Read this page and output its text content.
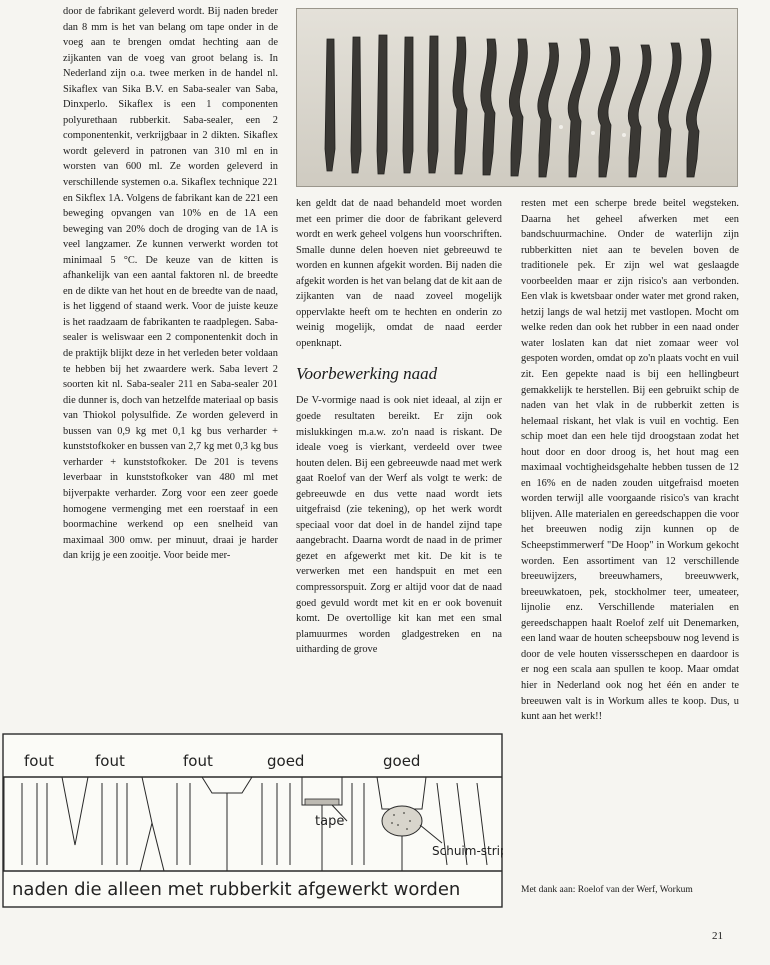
door de fabrikant geleverd wordt. Bij naden breder dan 8 mm is het van belang om tape onder in de voeg aan te brengen omdat hechting aan de zijkanten van de voeg van groot belang is. In Nederland zijn o.a. twee merken in de handel nl. Sikaflex van Sika B.V. en Saba-sealer van Saba, Dinxperlo. Sikaflex is een 1 componenten polyurethaan rubberkit. Saba-sealer, een 2 componentenkit, verkrijgbaar in 2 dikten. Sikaflex wordt geleverd in patronen van 310 ml en in worsten van 600 ml. Ze worden geleverd in verschillende systemen o.a. Sikaflex technique 221 en Sikflex 1A. Volgens de fabrikant kan de 221 een beweging opvangen van 10% en de 1A een beweging van 20% doch de droging van de 1A is veel langzamer. Ze kunnen verwerkt worden tot minimaal 5 °C. De keuze van de kitten is afhankelijk van een aantal faktoren nl. de breedte en de dikte van het hout en de breedte van de naad, is het liggend of staand werk. Voor de juiste keuze is het raadzaam de fabrikanten te raadplegen. Saba-sealer is weliswaar een 2 componentenkit doch in de praktijk blijkt deze in het verleden beter voldaan te hebben bij het zwaardere werk. Saba levert 2 soorten kit nl. Saba-sealer 211 en Saba-sealer 201 die dunner is, doch van hetzelfde materiaal op basis van Thiokol polysulfide. Ze worden geleverd in bussen van 0,9 kg met 0,1 kg bus verharder + kunststofkoker en bussen van 2,7 kg met 0,3 kg bus verharder + kunststofkoker. De 201 is tevens leverbaar in kunststofkoker van 480 ml met bijverpakte verharder. Zorg voor een zeer goede homogene vermenging met een roerstaaf in een boormachine werkend op een snelheid van maximaal 300 omw. per minuut, draai je harder dan krijg je een zooitje. Voor beide mer-

ken geldt dat de naad behandeld moet worden met een primer die door de fabrikant geleverd wordt en werk geheel volgens hun voorschriften. Smalle dunne delen hoeven niet gebreeuwd te worden en kunnen afgekit worden. Bij naden die afgekit worden is het van belang dat de kit aan de zijkanten van de naad zoveel mogelijk oppervlakte heeft om te hechten en onderin zo weinig mogelijk, omdat de naad eerder openknapt.

Voorbewerking naad

De V-vormige naad is ook niet ideaal, al zijn er goede resultaten bereikt. Er zijn ook mislukkingen m.a.w. zo'n naad is riskant. De ideale voeg is vierkant, verdeeld over twee houten delen. Bij een gebreeuwde naad met werk gaat Roelof van der Werf als volgt te werk: de gebreeuwde en dus vette naad wordt iets uitgefraisd (zie tekening), op het werk wordt speciaal voor dat doel in de handel zijnd tape aangebracht. Daarna wordt de naad in de primer gezet en afgewerkt met kit. De kit is te verwerken met een handspuit en met een compressorspuit. Zorg er altijd voor dat de naad goed gevuld wordt met kit en er ook bovenuit komt. De overtollige kit kan met een smal plamuurmes worden gladgestreken en na uitharding de grove

resten met een scherpe brede beitel wegsteken. Daarna het geheel afwerken met een bandschuurmachine. Onder de waterlijn zijn rubberkitten niet aan te bevelen boven de traditionele pek. Er zijn wel wat geslaagde voorbeelden maar er zijn risico's aan verbonden. Een vlak is kwetsbaar onder water met grond raken, hetzij langs de wal hetzij met vastlopen. Mocht om welke reden dan ook het rubber in een naad onder water loslaten kan dat niet zomaar weer vol gespoten worden, omdat op zo'n plaats vocht en vuil zit. Een gepekte naad is bij een hellingbeurt gemakkelijk te herstellen. Bij een gebruikt schip de naden van het vlak in de rubberkit zetten is helemaal riskant, het vlak is vuil en vochtig. Een schip moet dan een hele tijd droogstaan zodat het hout door en door droog is, het hout mag een maximaal vochtigheidsgehalte hebben tussen de 12 en 16% en de naden zouden uitgefraisd moeten worden terwijl alle voorgaande risico's van kracht blijven. Alle materialen en gereedschappen die voor het breeuwen nodig zijn kunnen op de Scheepstimmerwerf "De Hoop" in Workum gekocht worden. Een assortiment van 12 verschillende breeuwijzers, breeuwhamers, breeuwwerk, breeuwkatoen, pek, stockholmer teer, umeateer, lijnolie enz. Verschillende materialen en gereedschappen haalt Roelof zelf uit Denemarken, een land waar de houten scheepsbouw nog levend is door de vele houten vissersschepen en daardoor is er nog een scala aan spullen te koop. Maar omdat hier in Nederland ook nog het één en ander te breeuwen valt is in Workum alles te koop. Dus, u kunt aan het werk!!

fout	fout	fout	goed	goed
tape
Schuim-strip
naden die alleen met rubberkit afgewerkt worden	Met dank aan: Roelof van der Werf, Workum
21
